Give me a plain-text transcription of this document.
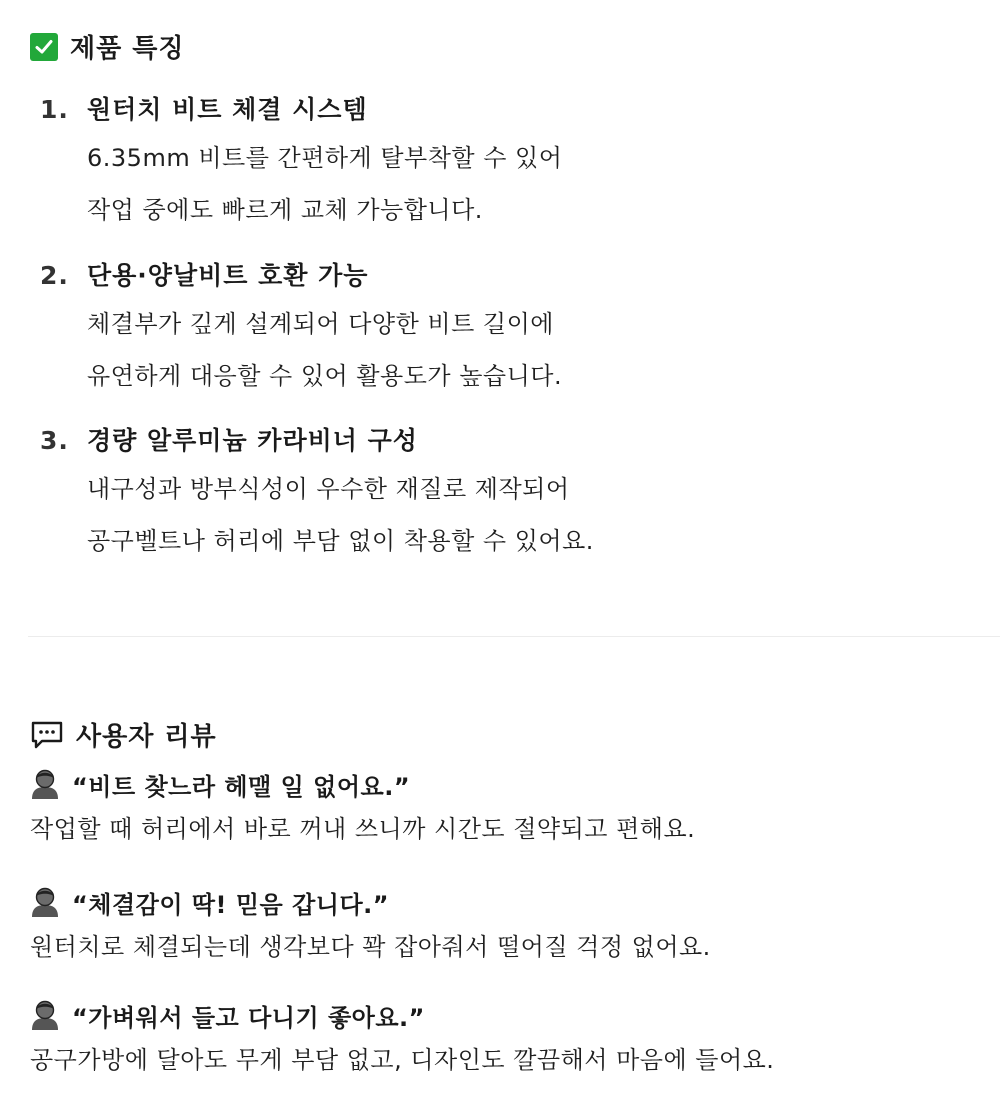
제품 특징
1. 원터치 비트 체결 시스템
6.35mm 비트를 간편하게 탈부착할 수 있어
작업 중에도 빠르게 교체 가능합니다.
2. 단용·양날비트 호환 가능
체결부가 깊게 설계되어 다양한 비트 길이에
유연하게 대응할 수 있어 활용도가 높습니다.
3. 경량 알루미늄 카라비너 구성
내구성과 방부식성이 우수한 재질로 제작되어
공구벨트나 허리에 부담 없이 착용할 수 있어요.
사용자 리뷰
“비트 찾느라 헤맬 일 없어요.”
작업할 때 허리에서 바로 꺼내 쓰니까 시간도 절약되고 편해요.
“체결감이 딱! 믿음 갑니다.”
원터치로 체결되는데 생각보다 꽉 잡아줘서 떨어질 걱정 없어요.
“가벼워서 들고 다니기 좋아요.”
공구가방에 달아도 무게 부담 없고, 디자인도 깔끔해서 마음에 들어요.
